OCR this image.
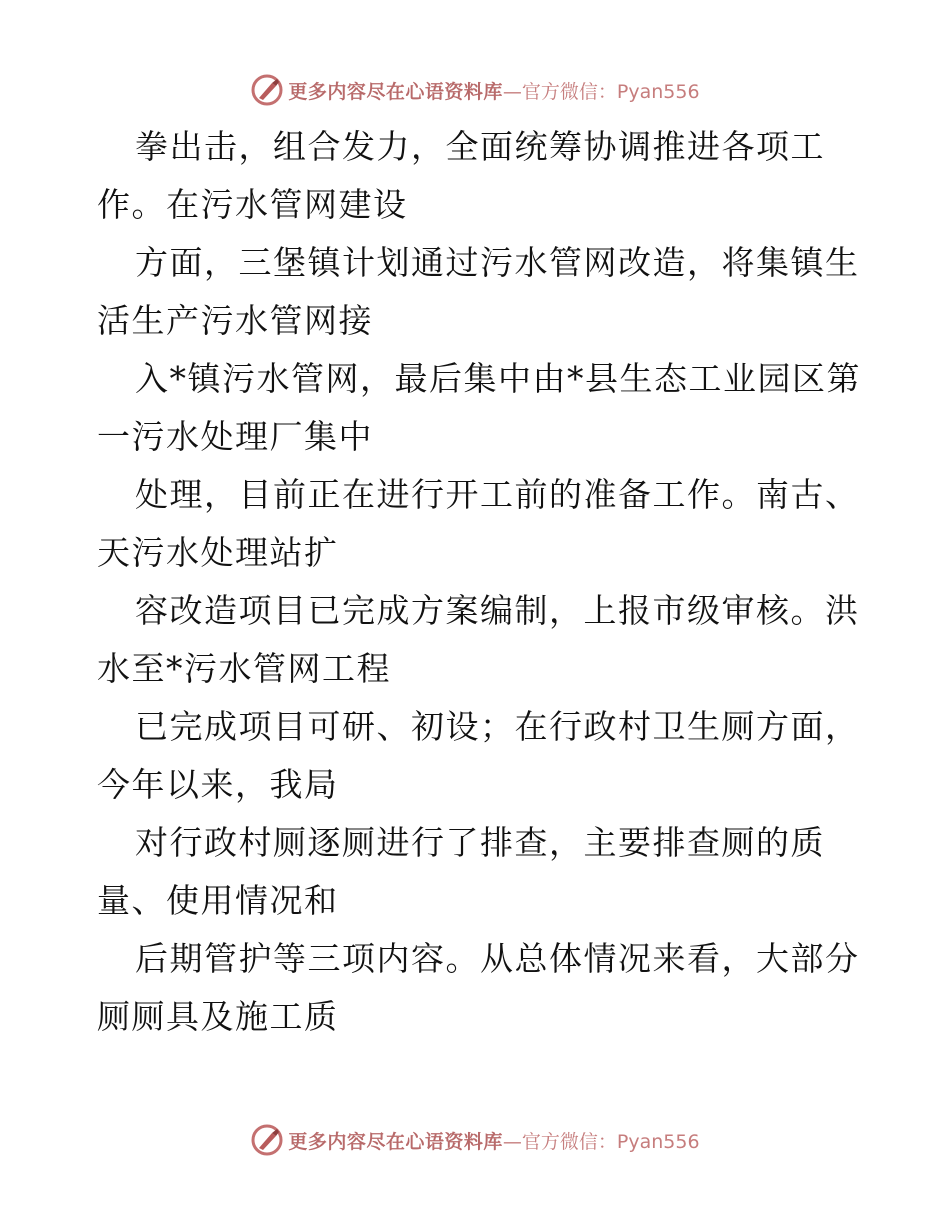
更多内容尽在心语资料库 —官方微信：Pyan556
拳出击，组合发力，全面统筹协调推进各项工
作。在污水管网建设
方面，三堡镇计划通过污水管网改造，将集镇生
活生产污水管网接
入*镇污水管网，最后集中由*县生态工业园区第
一污水处理厂集中
处理，目前正在进行开工前的准备工作。南古、
天污水处理站扩
容改造项目已完成方案编制，上报市级审核。洪
水至*污水管网工程
已完成项目可研、初设；在行政村卫生厕方面，
今年以来，我局
对行政村厕逐厕进行了排查，主要排查厕的质
量、使用情况和
后期管护等三项内容。从总体情况来看，大部分
厕厕具及施工质
更多内容尽在心语资料库 —官方微信：Pyan556
